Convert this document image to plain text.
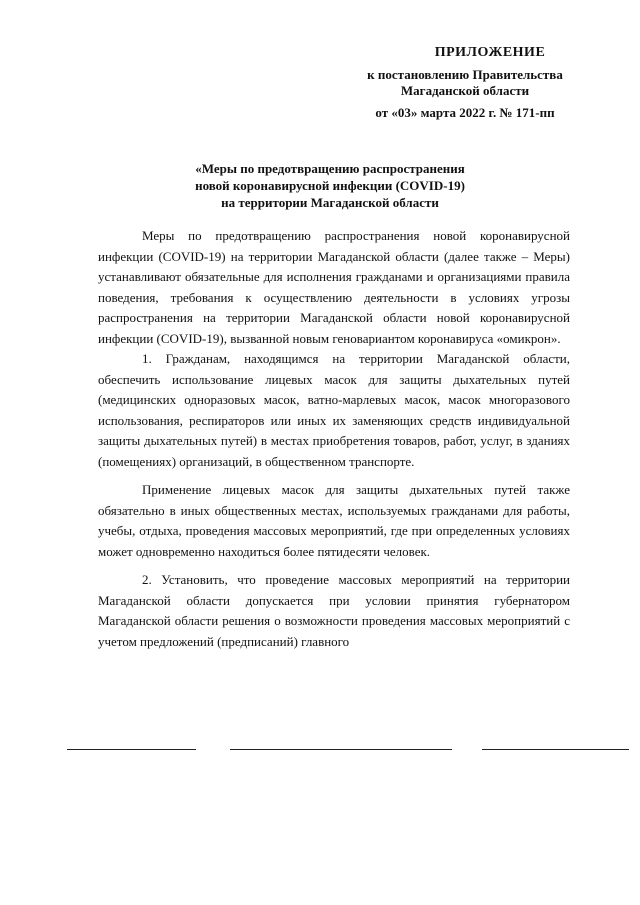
ПРИЛОЖЕНИЕ
к постановлению Правительства
Магаданской области
от «03» марта 2022 г. № 171-пп
«Меры по предотвращению распространения
новой коронавирусной инфекции (COVID-19)
на территории Магаданской области

Меры по предотвращению распространения новой коронавирусной инфекции (COVID-19) на территории Магаданской области (далее также – Меры) устанавливают обязательные для исполнения гражданами и организациями правила поведения, требования к осуществлению деятельности в условиях угрозы распространения на территории Магаданской области новой коронавирусной инфекции (COVID-19), вызванной новым геновариантом коронавируса «омикрон».

1. Гражданам, находящимся на территории Магаданской области, обеспечить использование лицевых масок для защиты дыхательных путей (медицинских одноразовых масок, ватно-марлевых масок, масок многоразового использования, респираторов или иных их заменяющих средств индивидуальной защиты дыхательных путей) в местах приобретения товаров, работ, услуг, в зданиях (помещениях) организаций, в общественном транспорте.

Применение лицевых масок для защиты дыхательных путей также обязательно в иных общественных местах, используемых гражданами для работы, учебы, отдыха, проведения массовых мероприятий, где при определенных условиях может одновременно находиться более пятидесяти человек.

2. Установить, что проведение массовых мероприятий на территории Магаданской области допускается при условии принятия губернатором Магаданской области решения о возможности проведения массовых мероприятий с учетом предложений (предписаний) главного
